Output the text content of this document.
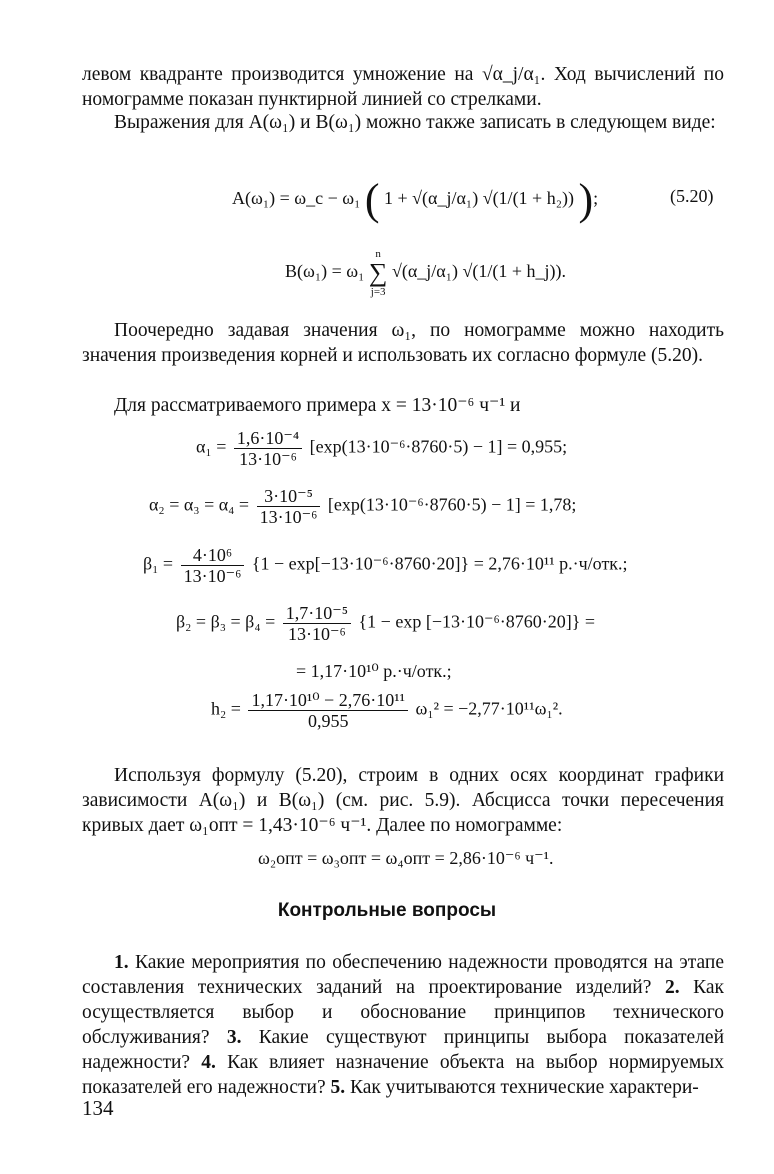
левом квадранте производится умножение на √α_j/α₁. Ход вычислений по номограмме показан пунктирной линией со стрелками.
Выражения для A(ω₁) и B(ω₁) можно также записать в следующем виде:
A(ω₁) = ω_c − ω₁ ( 1 + √(α_j/α₁) √(1/(1 + h₂)) );	(5.20)
B(ω₁) = ω₁
n
∑
j=3
√(α_j/α₁) √(1/(1 + h_j)).
Поочередно задавая значения ω₁, по номограмме можно находить значения произведения корней и использовать их согласно формуле (5.20).
Для рассматриваемого примера x = 13·10⁻⁶ ч⁻¹ и
$\alpha_1 = \frac{\text{1,6·10⁻⁴}}{\text{13·10⁻⁶}} [\exp(13\cdot 10^{-6}\cdot 8760\cdot 5) - 1] = 0,955$;
$\alpha_2 = \alpha_3 = \alpha_4 = \frac{\text{3·10⁻⁵}}{\text{13·10⁻⁶}} [\exp(13\cdot 10^{-6}\cdot 8760\cdot 5) - 1] = 1,78$;
$\beta_1 = \frac{\text{4·10⁶}}{\text{13·10⁻⁶}} \{1 - \exp[-13\cdot 10^{-6}\cdot 8760\cdot 20]\} = 2,76\cdot 10^{11}$ р.·ч/отк.;
$\beta_2 = \beta_3 = \beta_4 = \frac{\text{1,7·10⁻⁵}}{\text{13·10⁻⁶}} \{1 - \exp [-13\cdot 10^{-6}\cdot 8760\cdot 20]\}$ =
= 1,17·10¹⁰ р.·ч/отк.;
$h_2 = \frac{\text{1,17·10¹⁰ − 2,76·10¹¹}}{0,955} \omega_1^2 = -2,77\cdot 10^{11}\omega_1^2$.
Используя формулу (5.20), строим в одних осях координат графики зависимости A(ω₁) и B(ω₁) (см. рис. 5.9). Абсцисса точки пересечения кривых дает ω₁опт = 1,43·10⁻⁶ ч⁻¹. Далее по номограмме:
ω₂опт = ω₃опт = ω₄опт = 2,86·10⁻⁶ ч⁻¹.
Контрольные вопросы
1. Какие мероприятия по обеспечению надежности проводятся на этапе составления технических заданий на проектирование изделий? 2. Как осуществляется выбор и обоснование принципов технического обслуживания? 3. Какие существуют принципы выбора показателей надежности? 4. Как влияет назначение объекта на выбор нормируемых показателей его надежности? 5. Как учитываются технические характери-
134
